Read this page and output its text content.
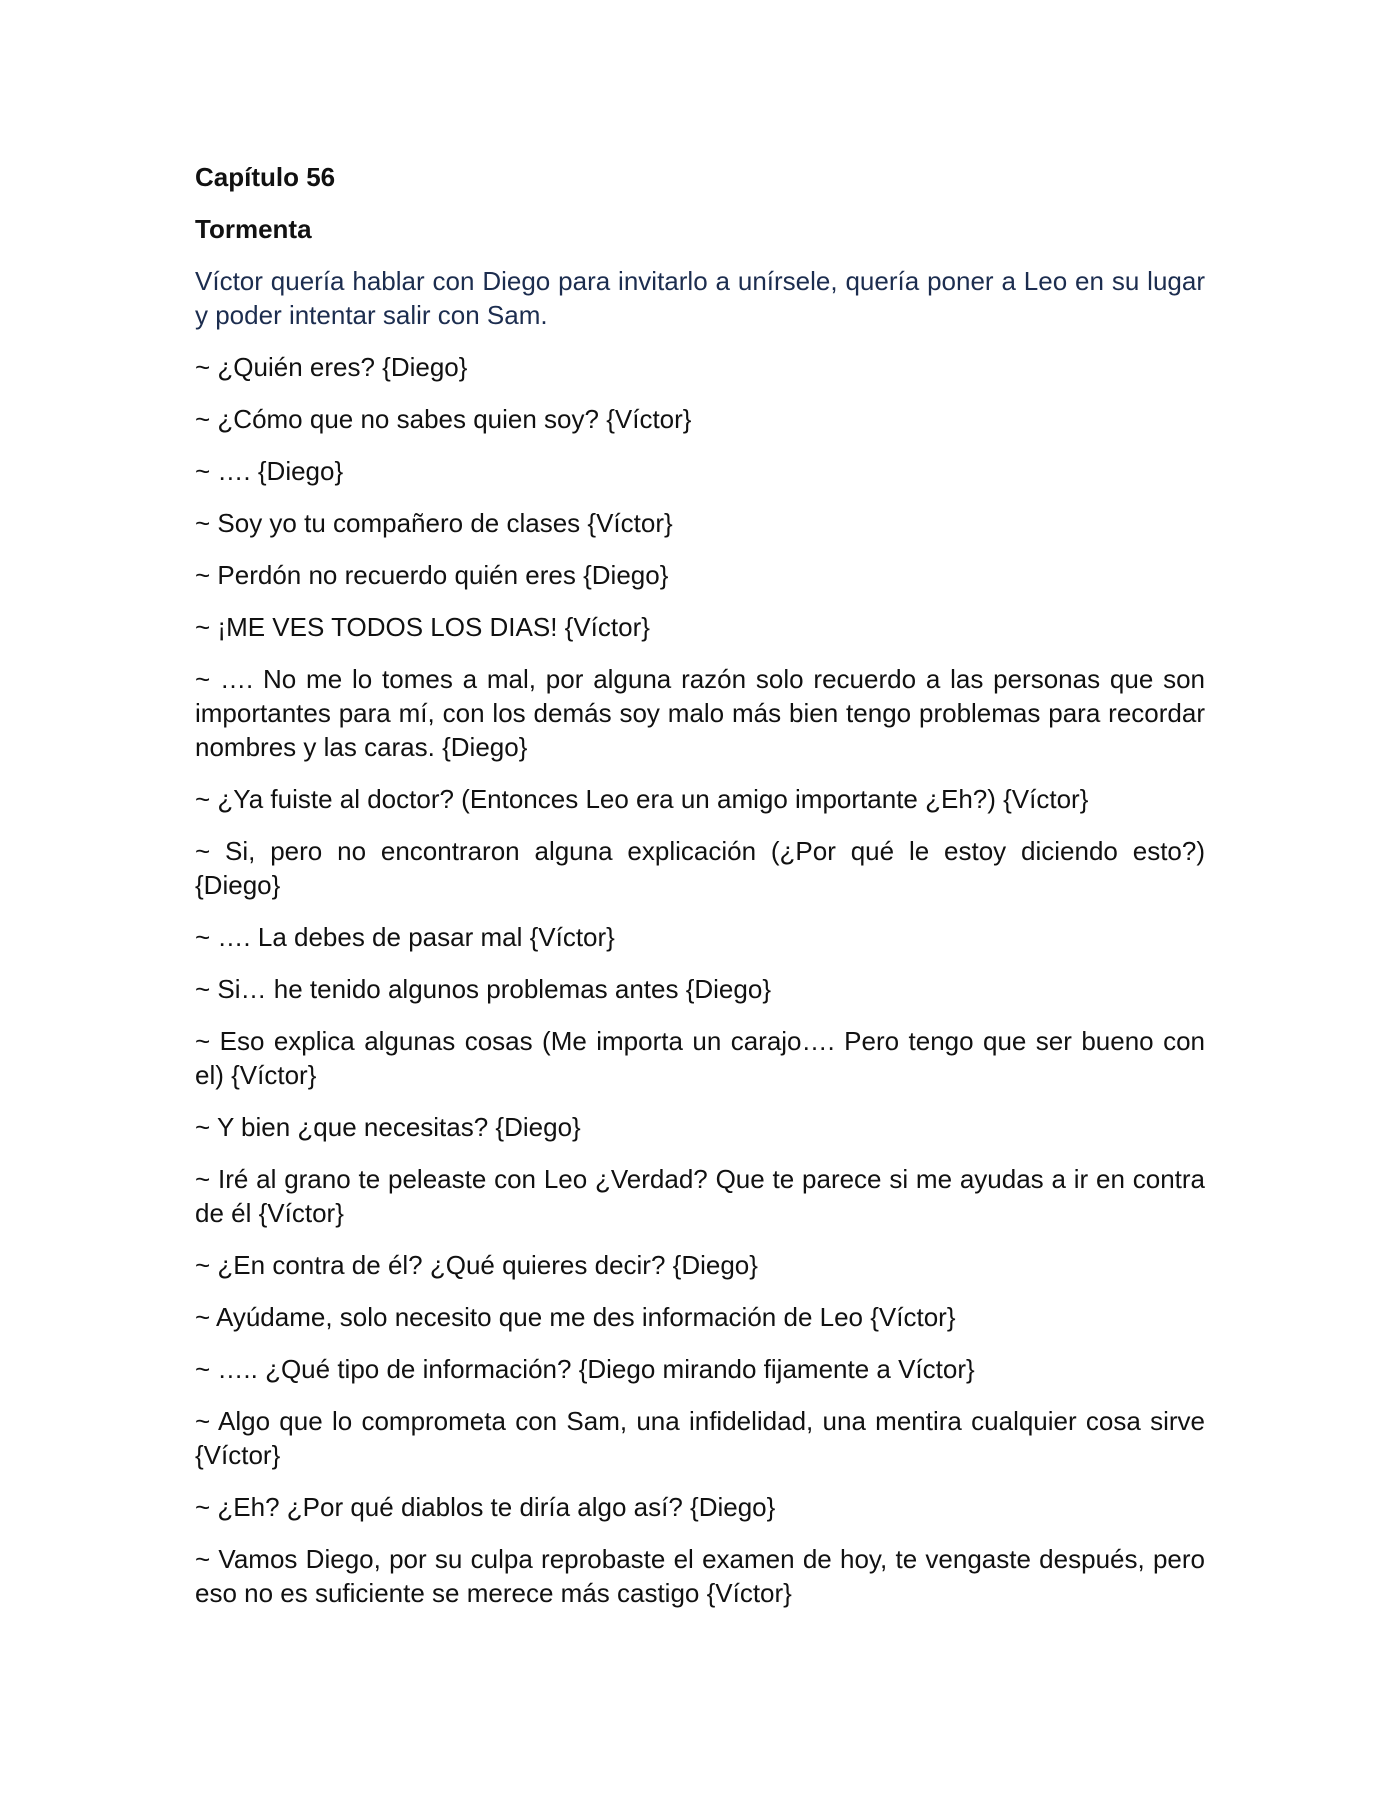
Capítulo 56

Tormenta

Víctor quería hablar con Diego para invitarlo a unírsele, quería poner a Leo en su lugar y poder intentar salir con Sam.

~ ¿Quién eres? {Diego}

~ ¿Cómo que no sabes quien soy? {Víctor}

~ …. {Diego}

~ Soy yo tu compañero de clases {Víctor}

~ Perdón no recuerdo quién eres {Diego}

~ ¡ME VES TODOS LOS DIAS! {Víctor}

~ …. No me lo tomes a mal, por alguna razón solo recuerdo a las personas que son importantes para mí, con los demás soy malo más bien tengo problemas para recordar nombres y las caras. {Diego}

~ ¿Ya fuiste al doctor? (Entonces Leo era un amigo importante ¿Eh?) {Víctor}

~ Si, pero no encontraron alguna explicación (¿Por qué le estoy diciendo esto?) {Diego}

~ …. La debes de pasar mal {Víctor}

~ Si… he tenido algunos problemas antes {Diego}

~ Eso explica algunas cosas (Me importa un carajo…. Pero tengo que ser bueno con el) {Víctor}

~ Y bien ¿que necesitas? {Diego}

~ Iré al grano te peleaste con Leo ¿Verdad? Que te parece si me ayudas a ir en contra de él {Víctor}

~ ¿En contra de él? ¿Qué quieres decir? {Diego}

~ Ayúdame, solo necesito que me des información de Leo {Víctor}

~ ….. ¿Qué tipo de información? {Diego mirando fijamente a Víctor}

~ Algo que lo comprometa con Sam, una infidelidad, una mentira cualquier cosa sirve {Víctor}

~ ¿Eh? ¿Por qué diablos te diría algo así? {Diego}

~ Vamos Diego, por su culpa reprobaste el examen de hoy, te vengaste después, pero eso no es suficiente se merece más castigo {Víctor}
